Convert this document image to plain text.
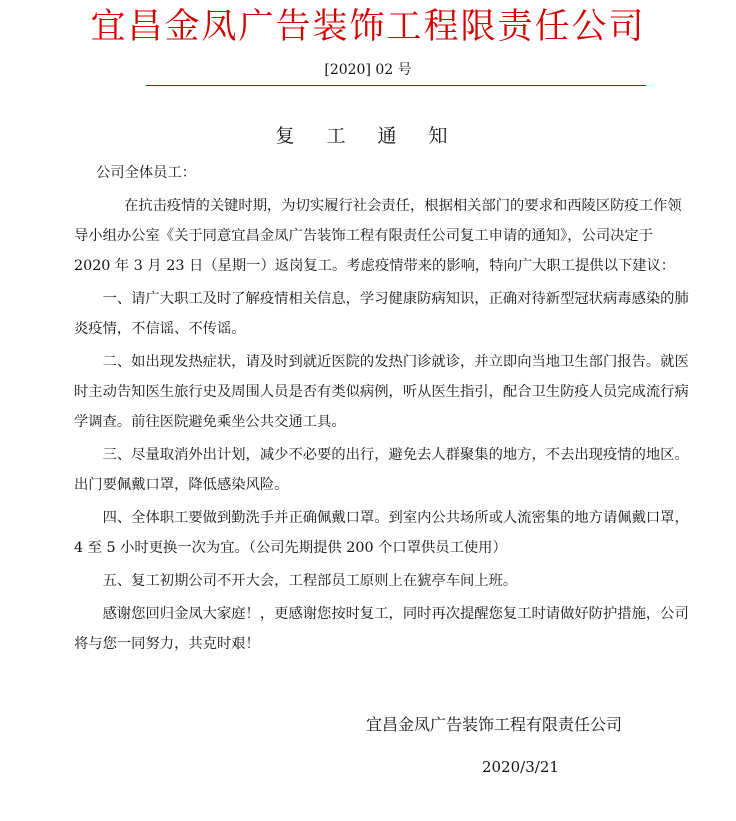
宜昌金凤广告装饰工程限责任公司
[2020] 02 号
复 工 通 知

公司全体员工：

在抗击疫情的关键时期，为切实履行社会责任，根据相关部门的要求和西陵区防疫工作领导小组办公室《关于同意宜昌金凤广告装饰工程有限责任公司复工申请的通知》，公司决定于 2020 年 3 月 23 日（星期一）返岗复工。考虑疫情带来的影响，特向广大职工提供以下建议：

一、请广大职工及时了解疫情相关信息，学习健康防病知识，正确对待新型冠状病毒感染的肺炎疫情，不信谣、不传谣。

二、如出现发热症状，请及时到就近医院的发热门诊就诊，并立即向当地卫生部门报告。就医时主动告知医生旅行史及周围人员是否有类似病例，听从医生指引，配合卫生防疫人员完成流行病学调查。前往医院避免乘坐公共交通工具。

三、尽量取消外出计划，减少不必要的出行，避免去人群聚集的地方，不去出现疫情的地区。出门要佩戴口罩，降低感染风险。

四、全体职工要做到勤洗手并正确佩戴口罩。到室内公共场所或人流密集的地方请佩戴口罩，4 至 5 小时更换一次为宜。（公司先期提供 200 个口罩供员工使用）

五、复工初期公司不开大会，工程部员工原则上在猇亭车间上班。

感谢您回归金凤大家庭！，更感谢您按时复工，同时再次提醒您复工时请做好防护措施，公司将与您一同努力，共克时艰！

宜昌金凤广告装饰工程有限责任公司
2020/3/21
